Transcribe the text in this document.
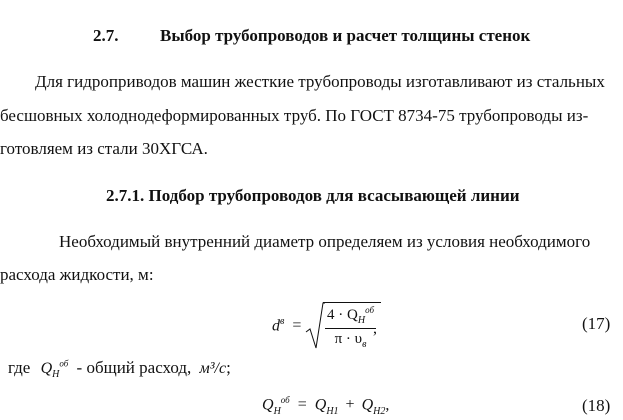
2.7. Выбор трубопроводов и расчет толщины стенок
Для гидроприводов машин жесткие трубопроводы изготавливают из стальных
бесшовных холоднодеформированных труб. По ГОСТ 8734-75 трубопроводы из-
готовляем из стали 30ХГСА.
2.7.1. Подбор трубопроводов для всасывающей линии
Необходимый внутренний диаметр определяем из условия необходимого
расхода жидкости, м:
$d^в$ =
$4 \cdot Q_H^{об}$
$\pi \cdot \upsilon_в$
,	(17)
где $Q_H^{об}$ - общий расход, м³/с;
$Q_H^{об} = Q_{H1} + Q_{H2}$,	(18)
